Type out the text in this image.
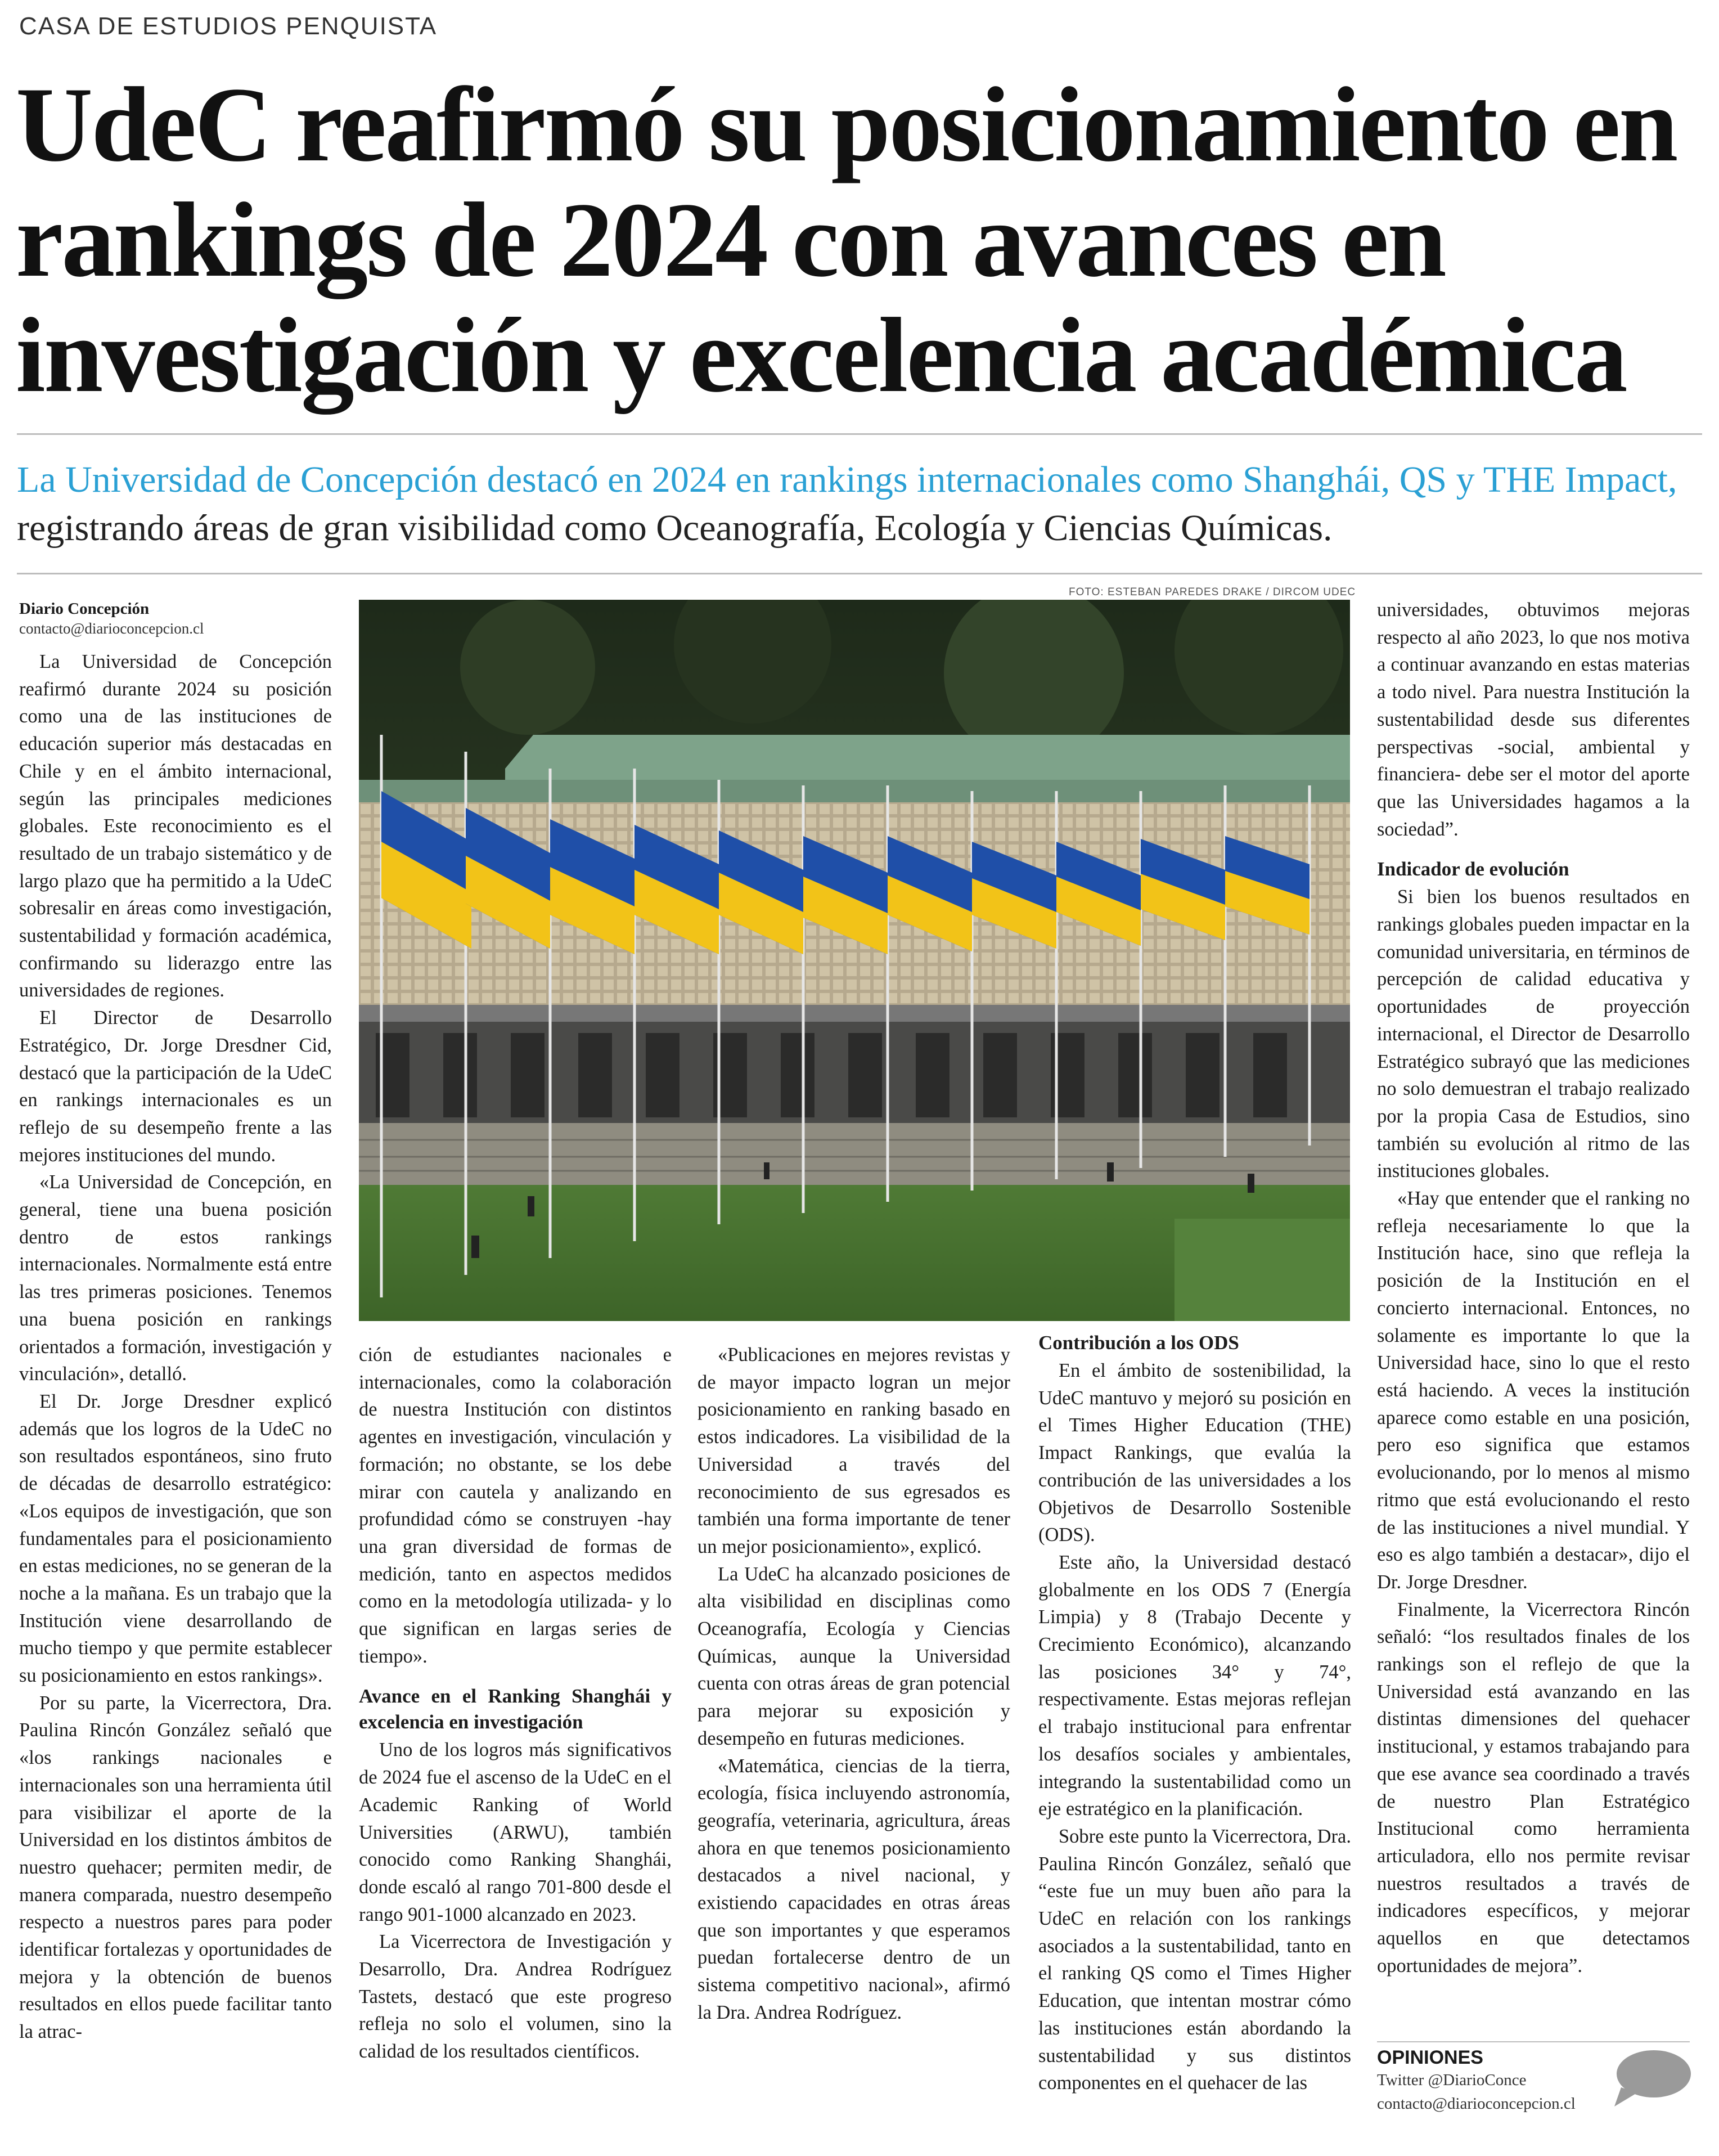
CASA DE ESTUDIOS PENQUISTA
UdeC reafirmó su posicionamiento en rankings de 2024 con avances en investigación y excelencia académica
La Universidad de Concepción destacó en 2024 en rankings internacionales como Shanghái, QS y THE Impact, registrando áreas de gran visibilidad como Oceanografía, Ecología y Ciencias Químicas.
Diario Concepción
contacto@diarioconcepcion.cl
FOTO: ESTEBAN PAREDES DRAKE / DIRCOM UDEC

La Universidad de Concepción reafirmó durante 2024 su posición como una de las instituciones de educación superior más destacadas en Chile y en el ámbito internacional, según las principales mediciones globales. Este reconocimiento es el resultado de un trabajo sistemático y de largo plazo que ha permitido a la UdeC sobresalir en áreas como investigación, sustentabilidad y formación académica, confirmando su liderazgo entre las universidades de regiones.

El Director de Desarrollo Estratégico, Dr. Jorge Dresdner Cid, destacó que la participación de la UdeC en rankings internacionales es un reflejo de su desempeño frente a las mejores instituciones del mundo.

«La Universidad de Concepción, en general, tiene una buena posición dentro de estos rankings internacionales. Normalmente está entre las tres primeras posiciones. Tenemos una buena posición en rankings orientados a formación, investigación y vinculación», detalló.

El Dr. Jorge Dresdner explicó además que los logros de la UdeC no son resultados espontáneos, sino fruto de décadas de desarrollo estratégico: «Los equipos de investigación, que son fundamentales para el posicionamiento en estas mediciones, no se generan de la noche a la mañana. Es un trabajo que la Institución viene desarrollando de mucho tiempo y que permite establecer su posicionamiento en estos rankings».

Por su parte, la Vicerrectora, Dra. Paulina Rincón González señaló que «los rankings nacionales e internacionales son una herramienta útil para visibilizar el aporte de la Universidad en los distintos ámbitos de nuestro quehacer; permiten medir, de manera comparada, nuestro desempeño respecto a nuestros pares para poder identificar fortalezas y oportunidades de mejora y la obtención de buenos resultados en ellos puede facilitar tanto la atrac-

ción de estudiantes nacionales e internacionales, como la colaboración de nuestra Institución con distintos agentes en investigación, vinculación y formación; no obstante, se los debe mirar con cautela y analizando en profundidad cómo se construyen -hay una gran diversidad de formas de medición, tanto en aspectos medidos como en la metodología utilizada- y lo que significan en largas series de tiempo».

Avance en el Ranking Shanghái y excelencia en investigación

Uno de los logros más significativos de 2024 fue el ascenso de la UdeC en el Academic Ranking of World Universities (ARWU), también conocido como Ranking Shanghái, donde escaló al rango 701-800 desde el rango 901-1000 alcanzado en 2023.

La Vicerrectora de Investigación y Desarrollo, Dra. Andrea Rodríguez Tastets, destacó que este progreso refleja no solo el volumen, sino la calidad de los resultados científicos.

«Publicaciones en mejores revistas y de mayor impacto logran un mejor posicionamiento en ranking basado en estos indicadores. La visibilidad de la Universidad a través del reconocimiento de sus egresados es también una forma importante de tener un mejor posicionamiento», explicó.

La UdeC ha alcanzado posiciones de alta visibilidad en disciplinas como Oceanografía, Ecología y Ciencias Químicas, aunque la Universidad cuenta con otras áreas de gran potencial para mejorar su exposición y desempeño en futuras mediciones.

«Matemática, ciencias de la tierra, ecología, física incluyendo astronomía, geografía, veterinaria, agricultura, áreas ahora en que tenemos posicionamiento destacados a nivel nacional, y existiendo capacidades en otras áreas que son importantes y que esperamos puedan fortalecerse dentro de un sistema competitivo nacional», afirmó la Dra. Andrea Rodríguez.

Contribución a los ODS

En el ámbito de sostenibilidad, la UdeC mantuvo y mejoró su posición en el Times Higher Education (THE) Impact Rankings, que evalúa la contribución de las universidades a los Objetivos de Desarrollo Sostenible (ODS).

Este año, la Universidad destacó globalmente en los ODS 7 (Energía Limpia) y 8 (Trabajo Decente y Crecimiento Económico), alcanzando las posiciones 34° y 74°, respectivamente. Estas mejoras reflejan el trabajo institucional para enfrentar los desafíos sociales y ambientales, integrando la sustentabilidad como un eje estratégico en la planificación.

Sobre este punto la Vicerrectora, Dra. Paulina Rincón González, señaló que “este fue un muy buen año para la UdeC en relación con los rankings asociados a la sustentabilidad, tanto en el ranking QS como el Times Higher Education, que intentan mostrar cómo las instituciones están abordando la sustentabilidad y sus distintos componentes en el quehacer de las

universidades, obtuvimos mejoras respecto al año 2023, lo que nos motiva a continuar avanzando en estas materias a todo nivel. Para nuestra Institución la sustentabilidad desde sus diferentes perspectivas -social, ambiental y financiera- debe ser el motor del aporte que las Universidades hagamos a la sociedad”.

Indicador de evolución

Si bien los buenos resultados en rankings globales pueden impactar en la comunidad universitaria, en términos de percepción de calidad educativa y oportunidades de proyección internacional, el Director de Desarrollo Estratégico subrayó que las mediciones no solo demuestran el trabajo realizado por la propia Casa de Estudios, sino también su evolución al ritmo de las instituciones globales.

«Hay que entender que el ranking no refleja necesariamente lo que la Institución hace, sino que refleja la posición de la Institución en el concierto internacional. Entonces, no solamente es importante lo que la Universidad hace, sino lo que el resto está haciendo. A veces la institución aparece como estable en una posición, pero eso significa que estamos evolucionando, por lo menos al mismo ritmo que está evolucionando el resto de las instituciones a nivel mundial. Y eso es algo también a destacar», dijo el Dr. Jorge Dresdner.

Finalmente, la Vicerrectora Rincón señaló: “los resultados finales de los rankings son el reflejo de que la Universidad está avanzando en las distintas dimensiones del quehacer institucional, y estamos trabajando para que ese avance sea coordinado a través de nuestro Plan Estratégico Institucional como herramienta articuladora, ello nos permite revisar nuestros resultados a través de indicadores específicos, y mejorar aquellos en que detectamos oportunidades de mejora”.

OPINIONES
Twitter @DiarioConce
contacto@diarioconcepcion.cl
